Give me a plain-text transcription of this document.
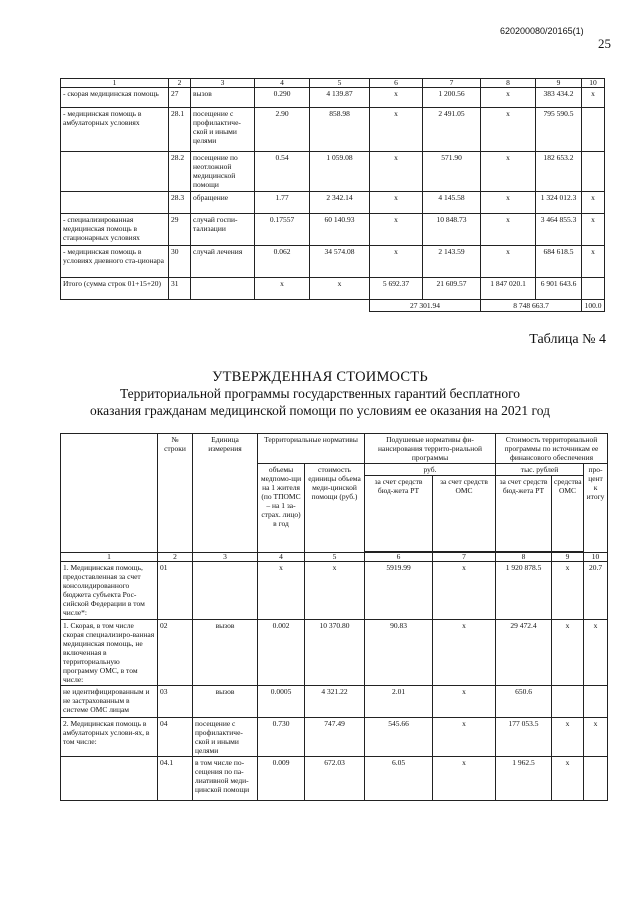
620200080/20165(1)
25
1	2	3	4	5	6	7	8	9	10
- скорая медицинская помощь	27	вызов	0.290	4 139.87	x	1 200.56	x	383 434.2	x
- медицинская помощь в амбулаторных условиях	28.1	посещение с профилактиче-ской и иными целями	2.90	858.98	x	2 491.05	x	795 590.5	
	28.2	посещение по неотложной медицинской помощи	0.54	1 059.08	x	571.90	x	182 653.2	
	28.3	обращение	1.77	2 342.14	x	4 145.58	x	1 324 012.3	x
- специализированная медицинская помощь в стационарных условиях	29	случай госпи-тализации	0.17557	60 140.93	x	10 848.73	x	3 464 855.3	x
- медицинская помощь в условиях дневного ста-ционара	30	случай лечения	0.062	34 574.08	x	2 143.59	x	684 618.5	x
Итого (сумма строк 01+15+20)	31		x	x	5 692.37	21 609.57	1 847 020.1	6 901 643.6	
					27 301.94		8 748 663.7		100.0
Таблица № 4
УТВЕРЖДЕННАЯ СТОИМОСТЬ
Территориальной программы государственных гарантий бесплатного
оказания гражданам медицинской помощи по условиям ее оказания на 2021 год
	№ строки	Единица измерения	Территориальные нормативы		Подушевые нормативы фи-нансирования террито-риальной программы		Стоимость территориальной программы по источникам ее финансового обеспечения		
			объемы медпомо-щи на 1 жителя (по ТПОМС – на 1 за-страх. лицо) в год	стоимость единицы объема меди-цинской помощи (руб.)	руб.		тыс. рублей		про-цент к итогу
					за счет средств бюд-жета РТ	за счет средств ОМС	за счет средств бюд-жета РТ	средства ОМС	

1	2	3	4	5	6	7	8	9	10
1. Медицинская помощь, предоставленная за счет консолидированного бюджета субъекта Рос-сийской Федерации в том числе*:	01		x	x	5919.99	x	1 920 878.5	x	20.7
1. Скорая, в том числе скорая специализиро-ванная медицинская помощь, не включенная в территориальную программу ОМС, в том числе:	02	вызов	0.002	10 370.80	90.83	x	29 472.4	x	x
не идентифицированным и не застрахованным в системе ОМС лицам	03	вызов	0.0005	4 321.22	2.01	x	650.6		
2. Медицинская помощь в амбулаторных услови-ях, в том числе:	04	посещение с профилактиче-ской и иными целями	0.730	747.49	545.66	x	177 053.5	x	x
	04.1	в том числе по-сещения по па-лиативной меди-цинской помощи	0.009	672.03	6.05	x	1 962.5	x	
